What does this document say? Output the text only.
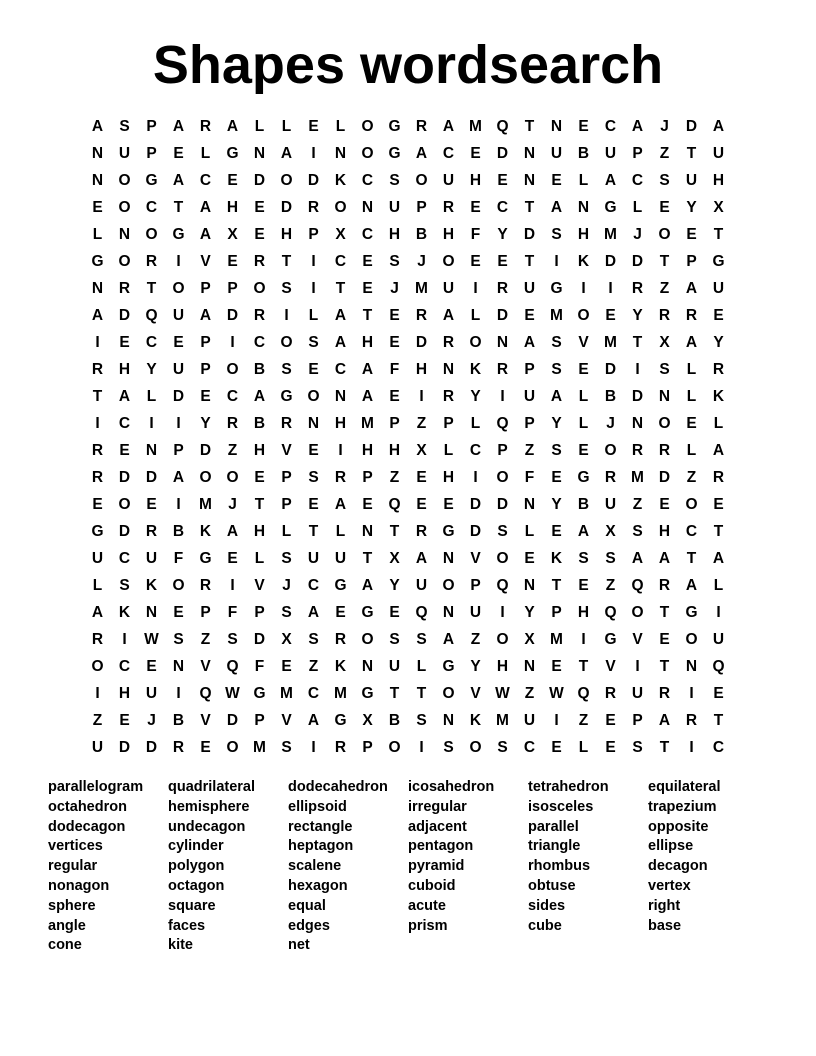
Shapes wordsearch
A	S	P	A	R	A	L	L	E	L	O G R	A M Q	T	N	E	C	A	J	D	A
N	U	P	E	L	G N	A	I	N O G A	C	E	D	N	U	B	U	P	Z	T	U
N O G A	C	E	D O D	K	C	S	O U	H	E	N	E	L	A	C	S	U	H
E	O C	T	A	H	E	D	R O N	U	P	R	E	C	T	A	N G	L	E	Y	X
L	N O G A	X	E	H	P	X	C	H	B	H	F	Y	D	S	H M	J	O	E	T
G O R	I	V	E	R	T	I	C	E	S	J	O	E	E	T	I	K	D	D	T	P	G
N	R	T	O	P	P	O	S	I	T	E	J	M U	I	R	U G	I	I	R	Z	A	U
A	D Q U	A	D	R	I	L	A	T	E	R	A	L	D	E M O	E	Y	R	R	E
I	E	C	E	P	I	C O	S	A	H	E	D	R O N	A	S	V M	T	X	A	Y
R	H	Y	U	P	O B	S	E	C	A	F	H	N	K	R	P	S	E	D	I	S	L	R
T	A	L	D	E	C	A G O N	A	E	I	R	Y	I	U	A	L	B	D	N	L	K
I	C	I	I	Y	R	B	R	N	H M P	Z	P	L	Q	P	Y	L	J	N O	E	L
R	E	N	P	D	Z	H	V	E	I	H	H	X	L	C	P	Z	S	E	O R	R	L	A
R	D	D	A O O	E	P	S	R	P	Z	E	H	I	O	F	E	G R M D	Z	R
E	O	E	I	M	J	T	P	E	A	E	Q	E	E	D	D	N	Y	B	U	Z	E	O	E
G D	R	B	K	A	H	L	T	L	N	T	R G D	S	L	E	A	X	S	H	C	T
U	C	U	F	G	E	L	S	U	U	T	X	A	N	V	O	E	K	S	S	A	A	T	A
L	S	K O R	I	V	J	C G A	Y	U O	P	Q N	T	E	Z	Q R	A	L
A	K	N	E	P	F	P	S	A	E	G	E	Q N	U	I	Y	P	H Q O	T	G	I
R	I	W S	Z	S	D	X	S	R O	S	S	A	Z	O	X M	I	G	V	E	O U
O C	E	N	V	Q	F	E	Z	K	N	U	L	G	Y	H	N	E	T	V	I	T	N Q
I	H	U	I	Q W G M C M G	T	T	O	V W Z W Q R	U	R	I	E
Z	E	J	B	V	D	P	V	A G	X	B	S	N	K M U	I	Z	E	P	A	R	T
U	D	D	R	E	O M S	I	R	P	O	I	S	O	S	C	E	L	E	S	T	I	C
parallelogram	quadrilateral	dodecahedron	icosahedron	tetrahedron	equilateral
octahedron	hemisphere	ellipsoid	irregular	isosceles	trapezium
dodecagon	undecagon	rectangle	adjacent	parallel	opposite
vertices	cylinder	heptagon	pentagon	triangle	ellipse
regular	polygon	scalene	pyramid	rhombus	decagon
nonagon	octagon	hexagon	cuboid	obtuse	vertex
sphere	square	equal	acute	sides	right
angle	faces	edges	prism	cube	base
cone	kite	net
